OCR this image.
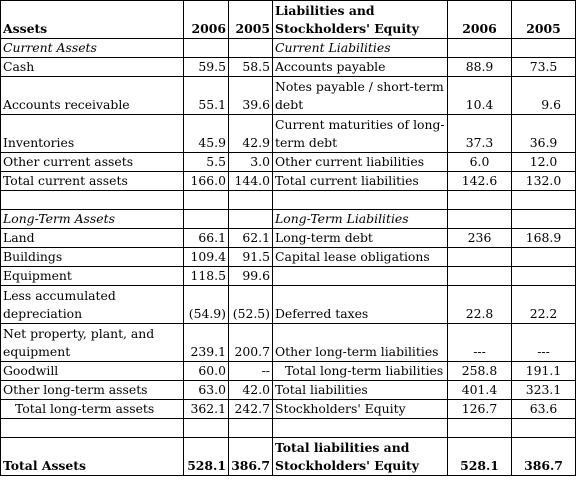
Assets	2006	2005	Liabilities and Stockholders' Equity	2006	2005
Current Assets			Current Liabilities		
Cash	59.5	58.5	Accounts payable	88.9	73.5
Accounts receivable	55.1	39.6	Notes payable / short-term debt	10.4	9.6
Inventories	45.9	42.9	Current maturities of long-term debt	37.3	36.9
Other current assets	5.5	3.0	Other current liabilities	6.0	12.0
Total current assets	166.0	144.0	Total current liabilities	142.6	132.0

Long-Term Assets			Long-Term Liabilities		
Land	66.1	62.1	Long-term debt	236	168.9
Buildings	109.4	91.5	Capital lease obligations		
Equipment	118.5	99.6			
Less accumulated depreciation	(54.9)	(52.5)	Deferred taxes	22.8	22.2
Net property, plant, and equipment	239.1	200.7	Other long-term liabilities	---	---
Goodwill	60.0	--	Total long-term liabilities	258.8	191.1
Other long-term assets	63.0	42.0	Total liabilities	401.4	323.1
Total long-term assets	362.1	242.7	Stockholders' Equity	126.7	63.6

Total Assets	528.1	386.7	Total liabilities and Stockholders' Equity	528.1	386.7
